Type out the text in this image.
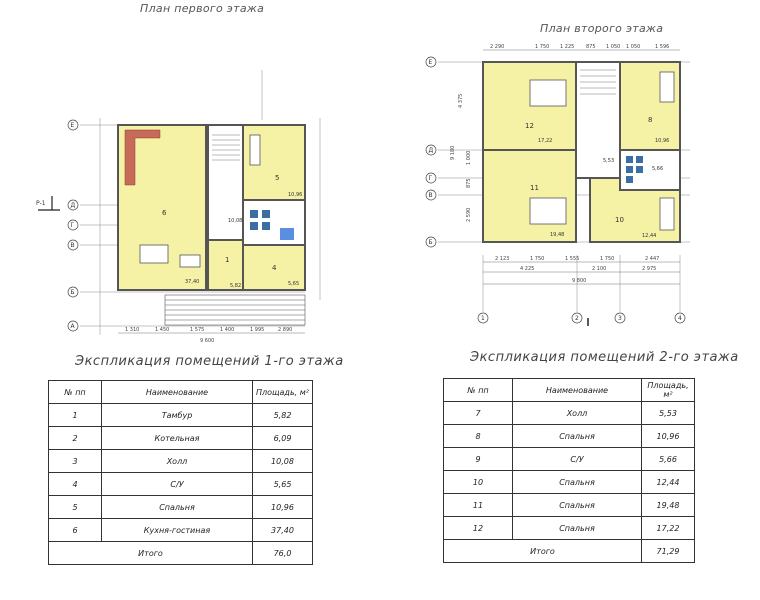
План первого этажа
План второго этажа
Е
Д
Г
В
Б
А
Р-1
6
37,40
5
10,96
10,08
1
5,82
4
5,65
1 310	1 450	1 575	1 400	1 995	2 890
9 600
Е
Д
Г
В
Б
1	2	3	4
12
17,22
8
10,96
5,53
5,66
11
19,48
10
12,44
2 290	1 750 1 225 875 1 050 1 050	1 596
2 123	1 750	1 555	1 750	2 447
4 225	2 100	2 975
9 800
4 375
1 000
875
2 590
9 180
Экспликация помещений 1-го этажа	Экспликация помещений 2-го этажа
№ пп	Наименование	Площадь, м²
1	Тамбур	5,82
2	Котельная	6,09
3	Холл	10,08
4	С/У	5,65
5	Спальня	10,96
6	Кухня-гостиная	37,40
Итого		76,0
№ пп	Наименование	Площадь, м²
7	Холл	5,53
8	Спальня	10,96
9	С/У	5,66
10	Спальня	12,44
11	Спальня	19,48
12	Спальня	17,22
Итого		71,29
